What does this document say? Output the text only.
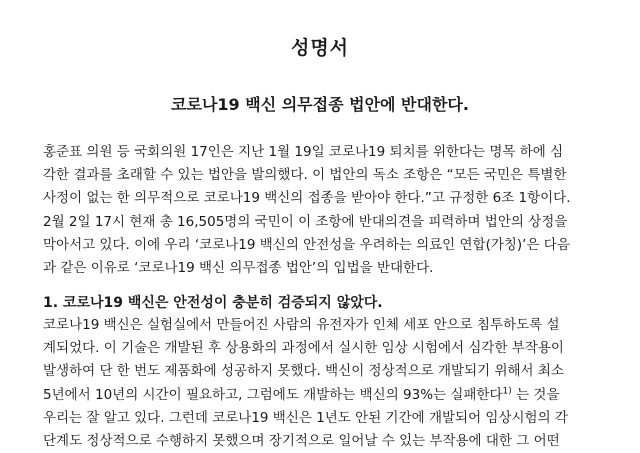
성명서
코로나19 백신 의무접종 법안에 반대한다.
홍준표 의원 등 국회의원 17인은 지난 1월 19일 코로나19 퇴치를 위한다는 명목 하에 심
각한 결과를 초래할 수 있는 법안을 발의했다. 이 법안의 독소 조항은 “모든 국민은 특별한
사정이 없는 한 의무적으로 코로나19 백신의 접종을 받아야 한다.”고 규정한 6조 1항이다.
2월 2일 17시 현재 총 16,505명의 국민이 이 조항에 반대의견을 피력하며 법안의 상정을
막아서고 있다. 이에 우리 ‘코로나19 백신의 안전성을 우려하는 의료인 연합(가칭)’은 다음
과 같은 이유로 ‘코로나19 백신 의무접종 법안’의 입법을 반대한다.
1. 코로나19 백신은 안전성이 충분히 검증되지 않았다.
코로나19 백신은 실험실에서 만들어진 사람의 유전자가 인체 세포 안으로 침투하도록 설
계되었다. 이 기술은 개발된 후 상용화의 과정에서 실시한 임상 시험에서 심각한 부작용이
발생하여 단 한 번도 제품화에 성공하지 못했다. 백신이 정상적으로 개발되기 위해서 최소
5년에서 10년의 시간이 필요하고, 그럼에도 개발하는 백신의 93%는 실패한다$^{1)}$ 는 것을
우리는 잘 알고 있다. 그런데 코로나19 백신은 1년도 안된 기간에 개발되어 임상시험의 각
단계도 정상적으로 수행하지 못했으며 장기적으로 일어날 수 있는 부작용에 대한 그 어떤
